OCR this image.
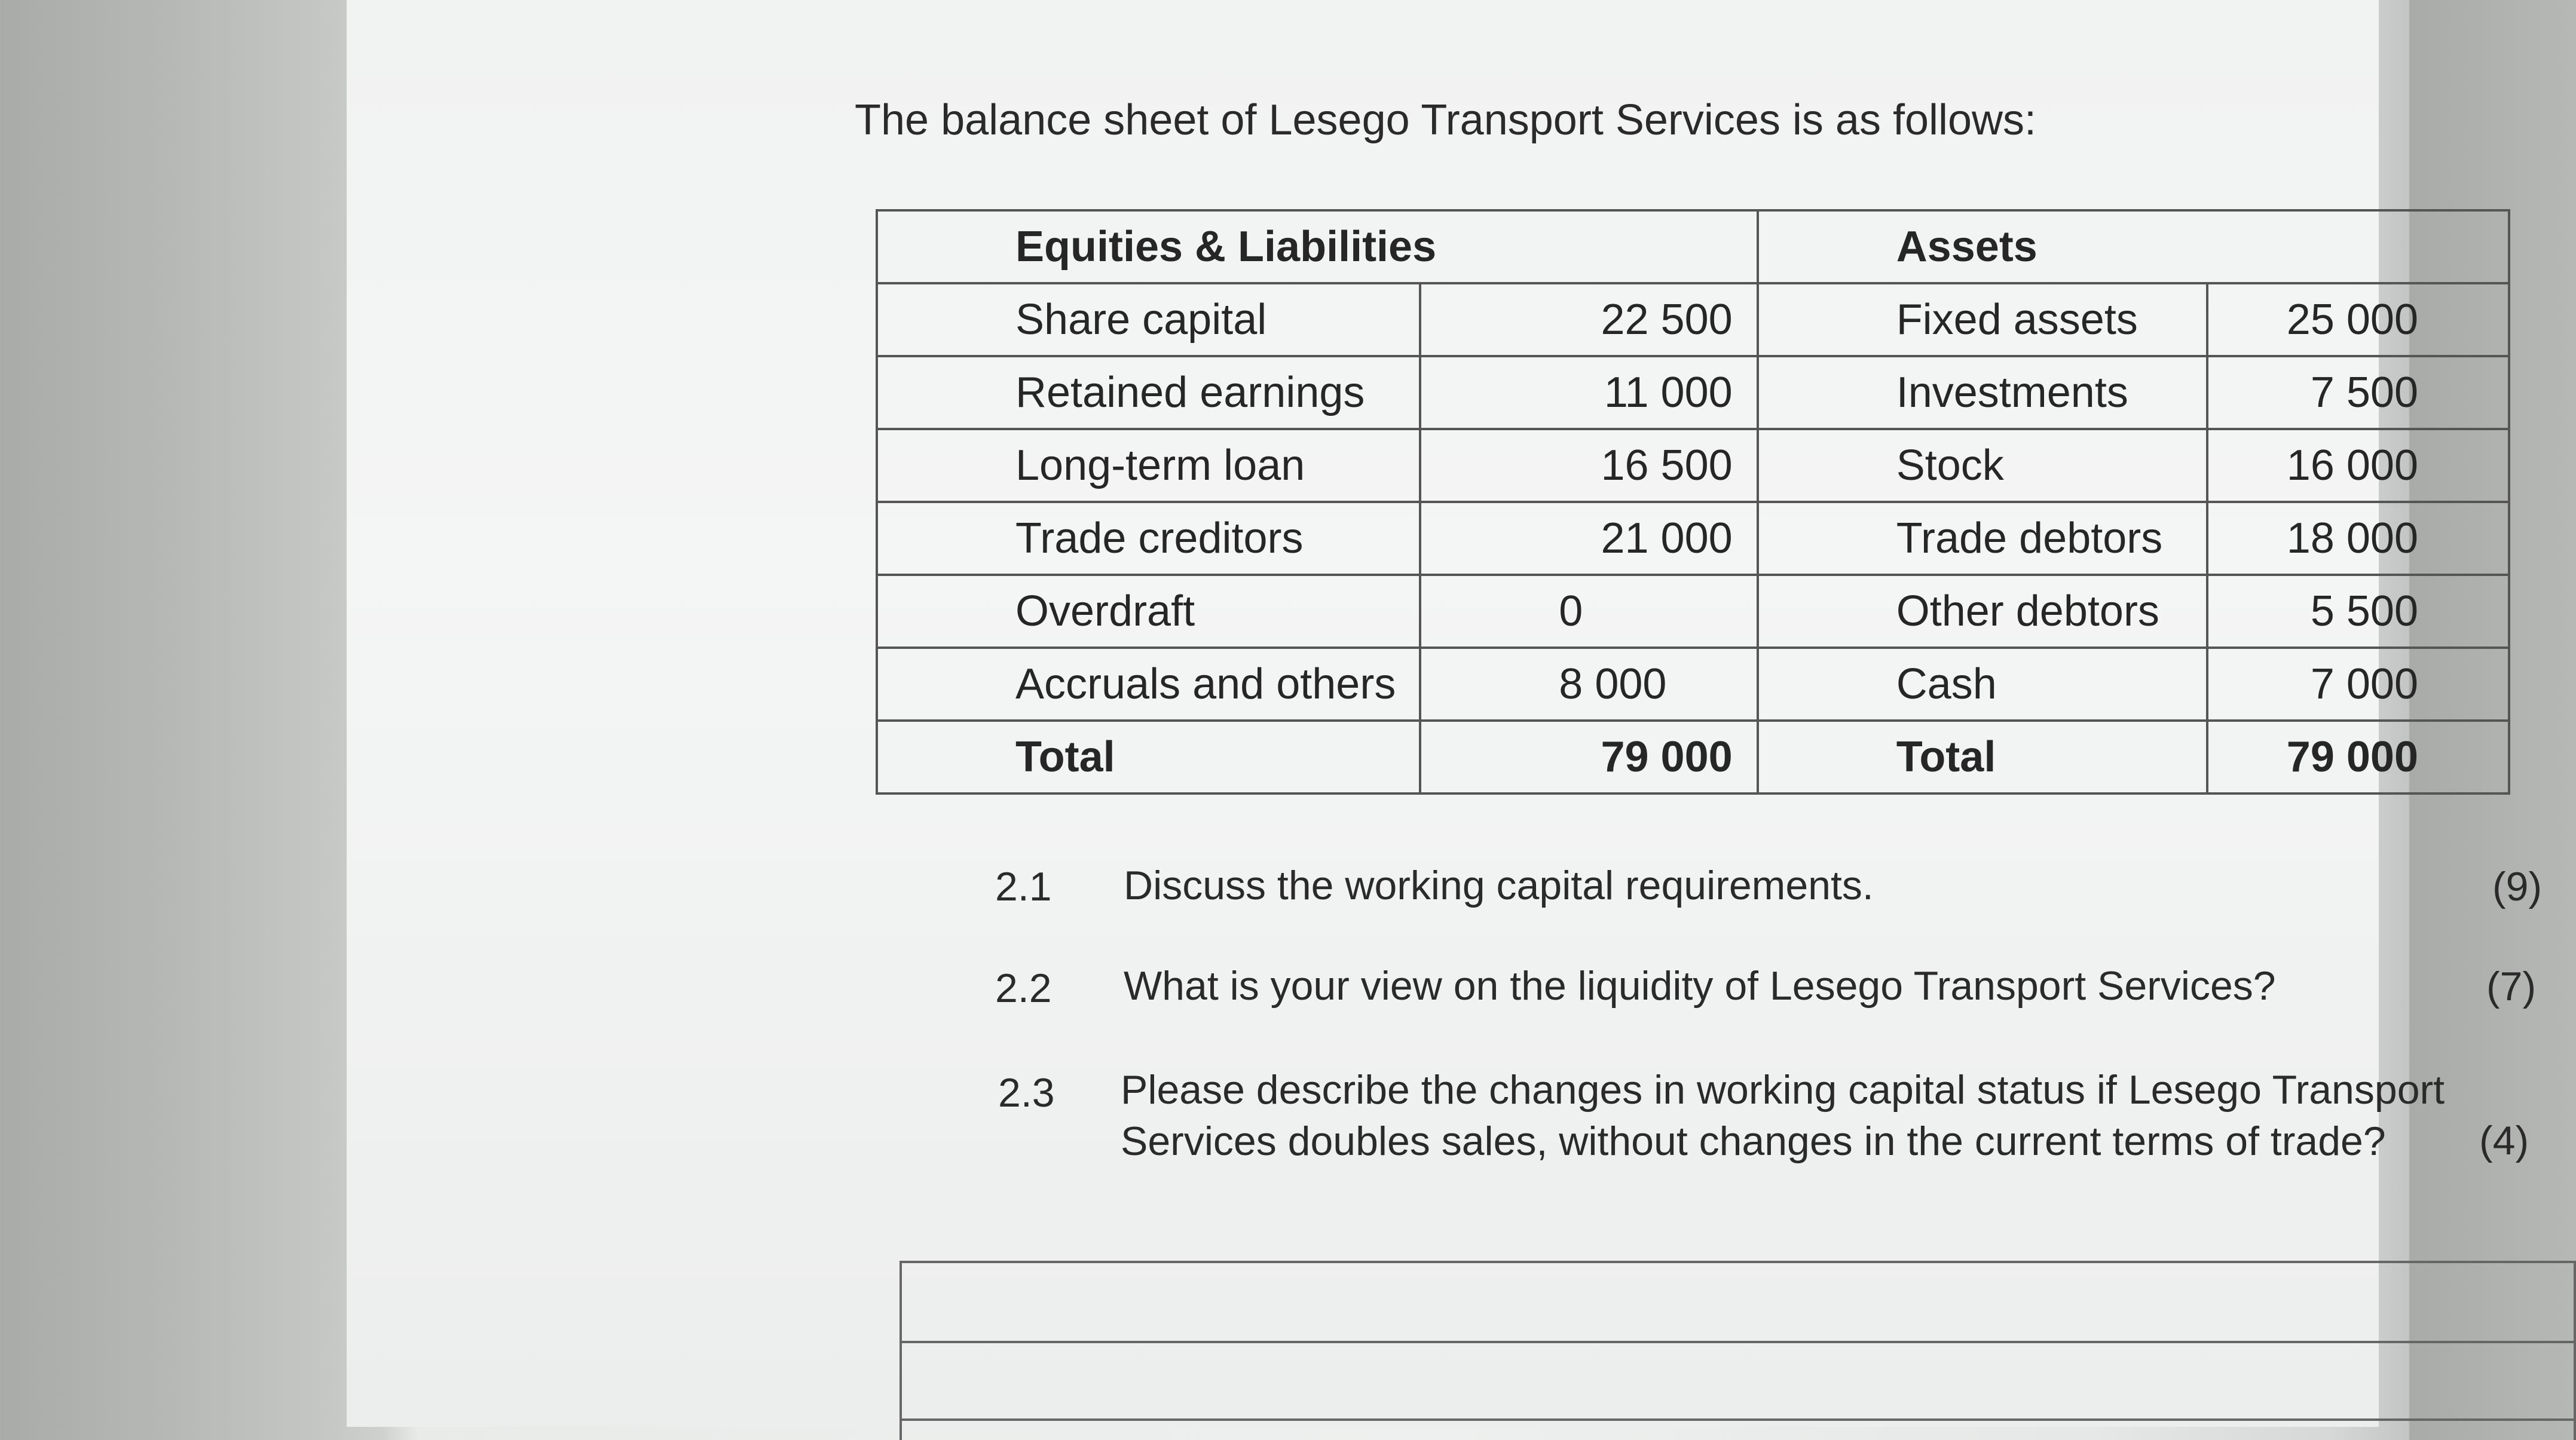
The balance sheet of Lesego Transport Services is as follows:
Equities & Liabilities		Assets	
Share capital	22 500	Fixed assets	25 000
Retained earnings	11 000	Investments	7 500
Long-term loan	16 500	Stock	16 000
Trade creditors	21 000	Trade debtors	18 000
Overdraft	0	Other debtors	5 500
Accruals and others	8 000	Cash	7 000
Total	79 000	Total	79 000
2.1 Discuss the working capital requirements.	(9)
2.2 What is your view on the liquidity of Lesego Transport Services?	(7)
2.3 Please describe the changes in working capital status if Lesego Transport
Services doubles sales, without changes in the current terms of trade? (4)
